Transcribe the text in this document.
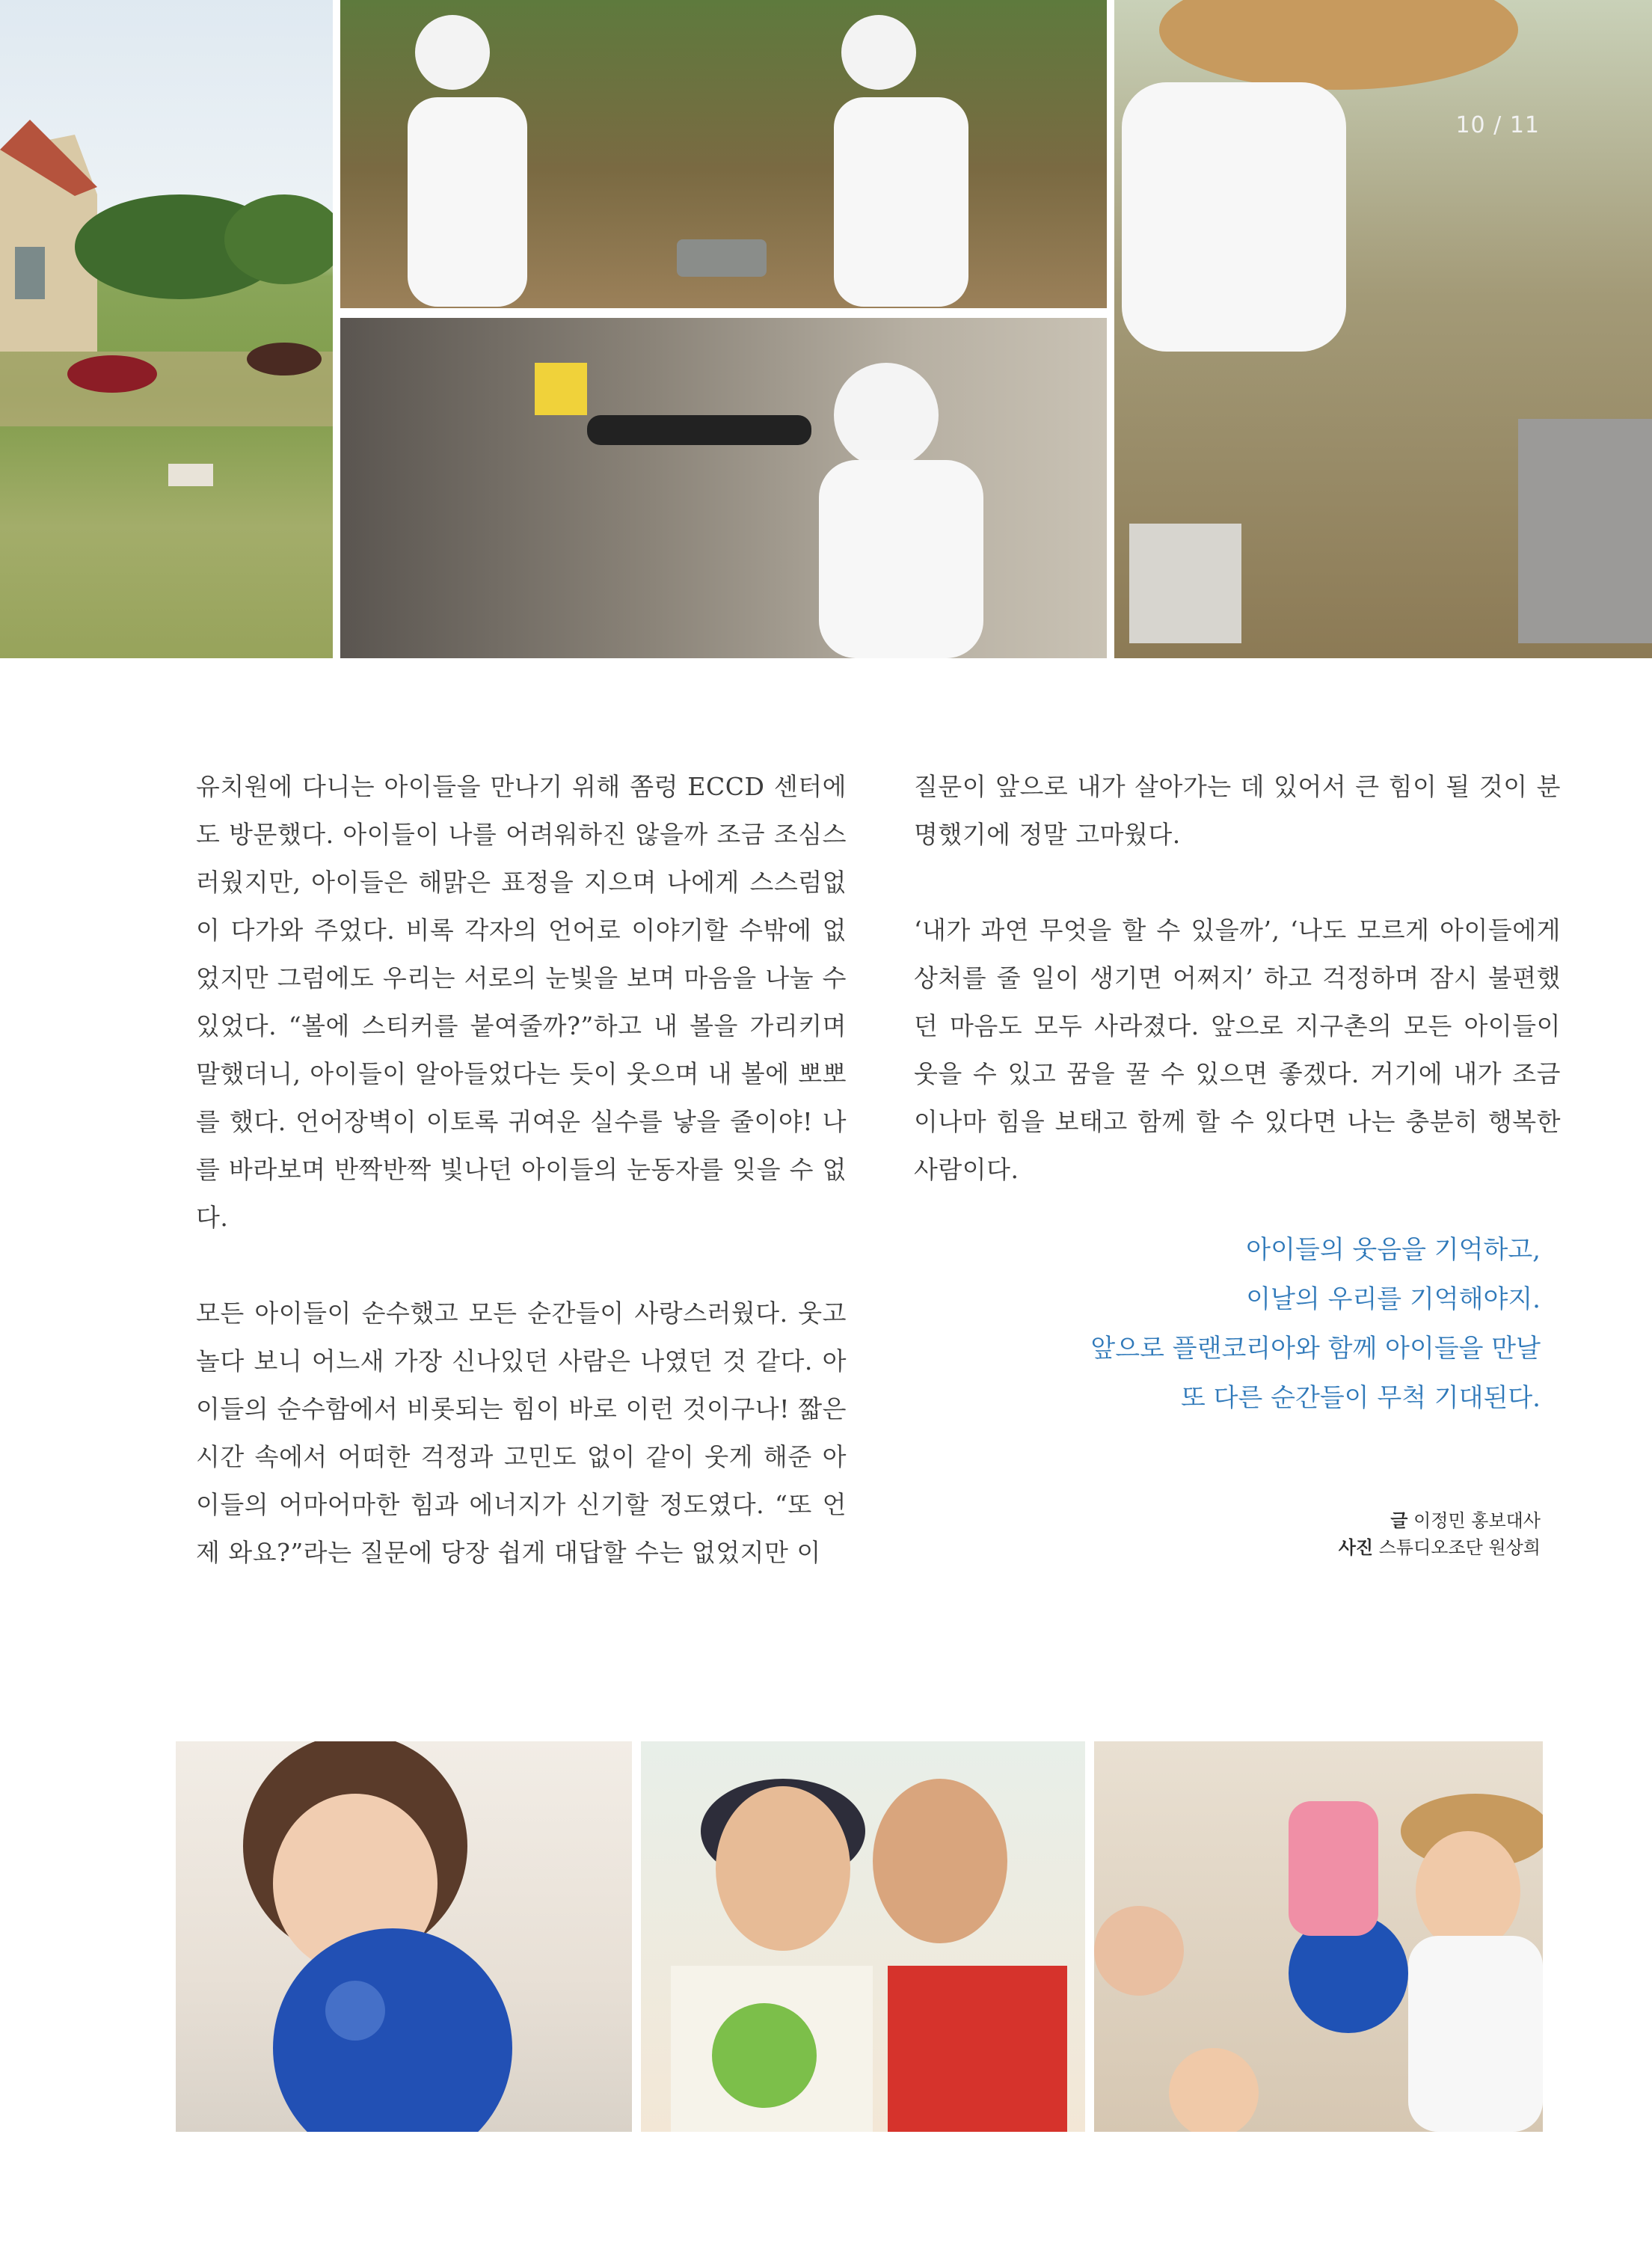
10 / 11

유치원에 다니는 아이들을 만나기 위해 쫌렁 ECCD 센터에도 방문했다. 아이들이 나를 어려워하진 않을까 조금 조심스러웠지만, 아이들은 해맑은 표정을 지으며 나에게 스스럼없이 다가와 주었다. 비록 각자의 언어로 이야기할 수밖에 없었지만 그럼에도 우리는 서로의 눈빛을 보며 마음을 나눌 수 있었다. “볼에 스티커를 붙여줄까?”하고 내 볼을 가리키며 말했더니, 아이들이 알아들었다는 듯이 웃으며 내 볼에 뽀뽀를 했다. 언어장벽이 이토록 귀여운 실수를 낳을 줄이야! 나를 바라보며 반짝반짝 빛나던 아이들의 눈동자를 잊을 수 없다.

모든 아이들이 순수했고 모든 순간들이 사랑스러웠다. 웃고 놀다 보니 어느새 가장 신나있던 사람은 나였던 것 같다. 아이들의 순수함에서 비롯되는 힘이 바로 이런 것이구나! 짧은 시간 속에서 어떠한 걱정과 고민도 없이 같이 웃게 해준 아이들의 어마어마한 힘과 에너지가 신기할 정도였다. “또 언제 와요?”라는 질문에 당장 쉽게 대답할 수는 없었지만 이

질문이 앞으로 내가 살아가는 데 있어서 큰 힘이 될 것이 분명했기에 정말 고마웠다.

‘내가 과연 무엇을 할 수 있을까’, ‘나도 모르게 아이들에게 상처를 줄 일이 생기면 어쩌지’ 하고 걱정하며 잠시 불편했던 마음도 모두 사라졌다. 앞으로 지구촌의 모든 아이들이 웃을 수 있고 꿈을 꿀 수 있으면 좋겠다. 거기에 내가 조금 이나마 힘을 보태고 함께 할 수 있다면 나는 충분히 행복한 사람이다.

아이들의 웃음을 기억하고,
이날의 우리를 기억해야지.
앞으로 플랜코리아와 함께 아이들을 만날
또 다른 순간들이 무척 기대된다.
글 이정민 홍보대사
사진 스튜디오조단 원상희
